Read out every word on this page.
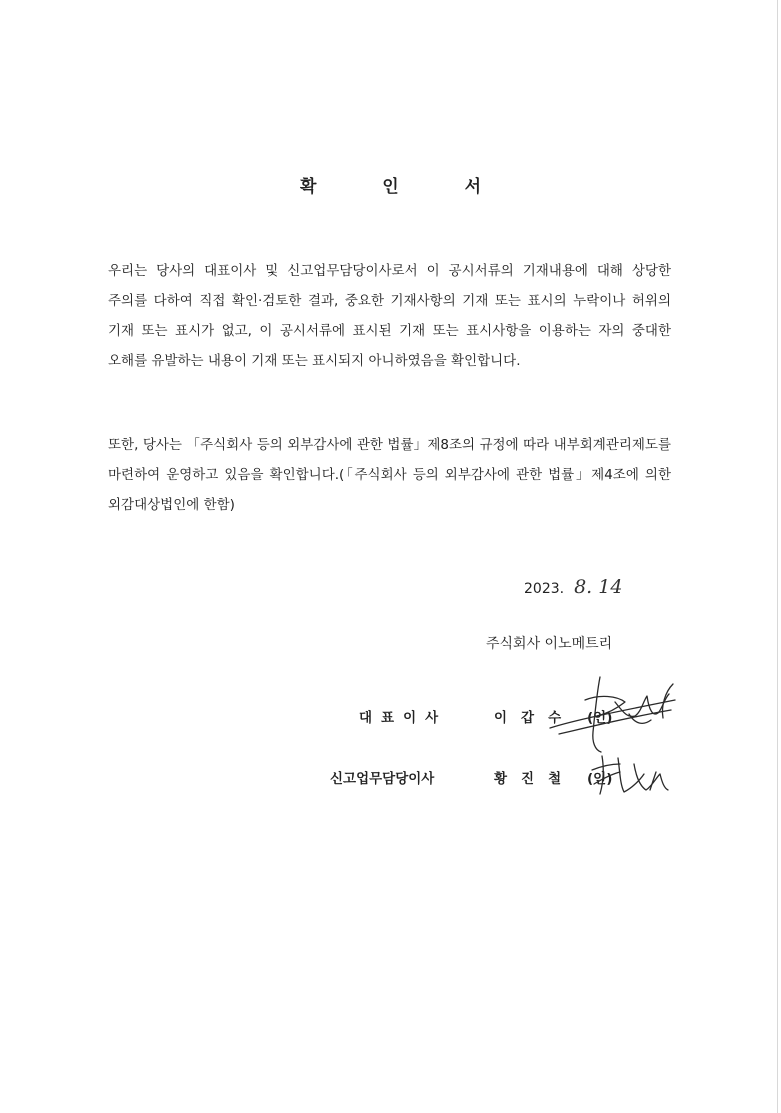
확 인 서
우리는 당사의 대표이사 및 신고업무담당이사로서 이 공시서류의 기재내용에 대해 상당한 주의를 다하여 직접 확인·검토한 결과, 중요한 기재사항의 기재 또는 표시의 누락이나 허위의 기재 또는 표시가 없고, 이 공시서류에 표시된 기재 또는 표시사항을 이용하는 자의 중대한 오해를 유발하는 내용이 기재 또는 표시되지 아니하였음을 확인합니다.
또한, 당사는 「주식회사 등의 외부감사에 관한 법률」제8조의 규정에 따라 내부회계관리제도를 마련하여 운영하고 있음을 확인합니다.(「주식회사 등의 외부감사에 관한 법률」제4조에 의한 외감대상법인에 한함)
2023. 8. 14
주식회사 이노메트리
대표이사	이갑수 (인)
신고업무담당이사	황진철 (인)
